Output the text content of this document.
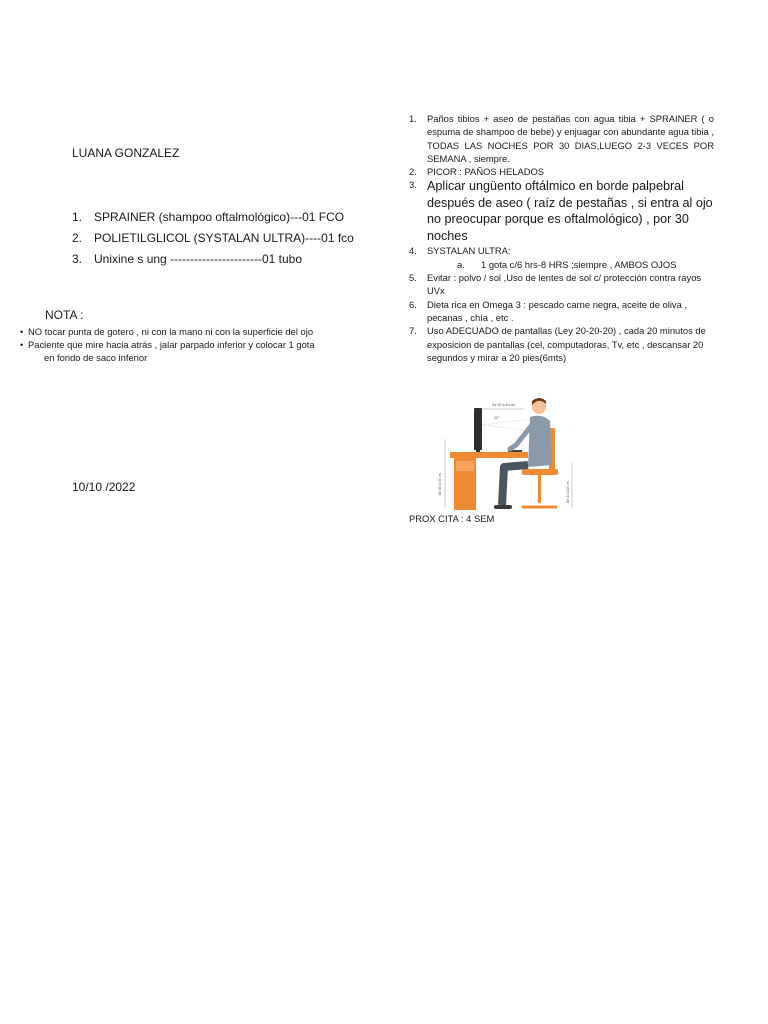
LUANA GONZALEZ
1. SPRAINER (shampoo oftalmológico)---01 FCO
2. POLIETILGLICOL (SYSTALAN ULTRA)----01 fco
3. Unixine s ung -----------------------01 tubo
NOTA :
• NO tocar punta de gotero , ni con la mano ni con la superficie del ojo
• Paciente que mire hacia atrás , jalar parpado inferior y colocar 1 gota
en fondo de saco inferior
10/10 /2022
1.	Paños tibios + aseo de pestañas con agua tibia + SPRAINER ( o espuma de shampoo de bebe) y enjuagar con abundante agua tibia , TODAS LAS NOCHES POR 30 DIAS,LUEGO 2-3 VECES POR SEMANA , siempre.
2.	PICOR : PAÑOS HELADOS
3. Aplicar ungüento oftálmico en borde palpebral después de aseo ( raíz de pestañas , si entra al ojo no preocupar porque es oftalmológico) , por 30 noches
4.	SYSTALAN ULTRA:
a.	1 gota c/6 hrs-8 HRS ;siempre , AMBOS OJOS
5.	Evitar : polvo / sol ,Uso de lentes de sol c/ protección contra rayos UVx
6.	Dieta rica en Omega 3 : pescado carne negra, aceite de oliva , pecanas , chía , etc .
7.	Uso ADECUADO de pantallas (Ley 20-20-20) , cada 20 minutos de exposicion de pantallas (cel, computadoras, Tv, etc , descansar 20 segundos y mirar a 20 pies(6mts)
De 50 a 60 cm.
20°
De 60 a 70 cm.	De 34 a 52 cm.
PROX CITA : 4 SEM
